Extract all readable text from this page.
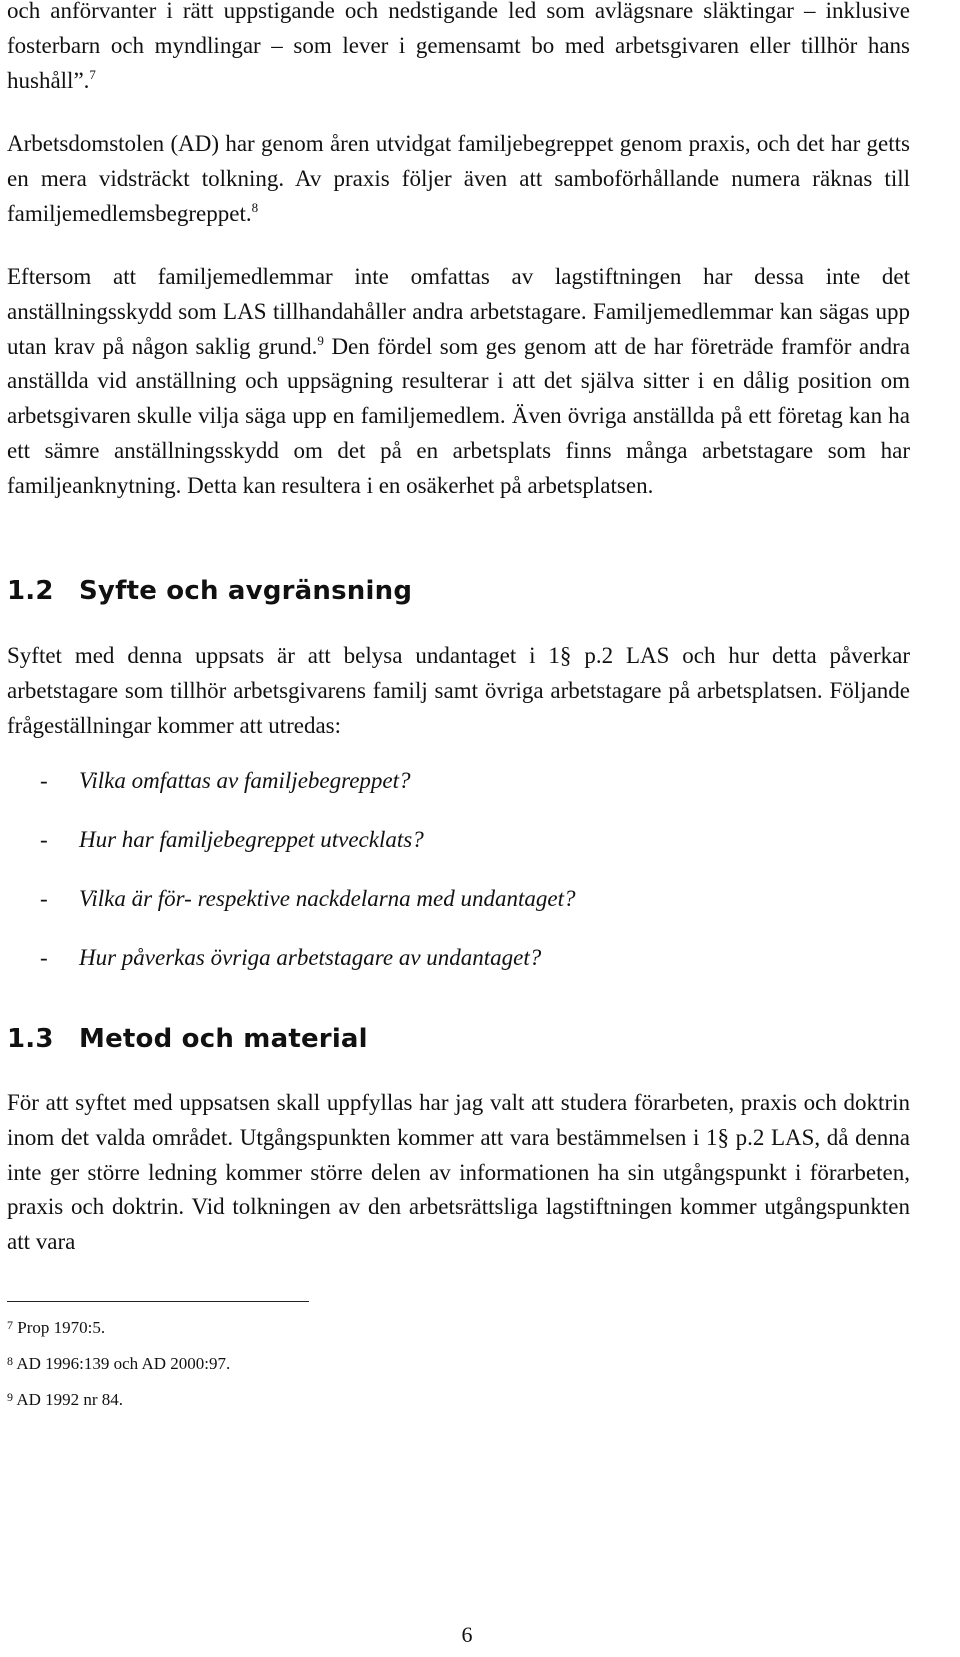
och anförvanter i rätt uppstigande och nedstigande led som avlägsnare släktingar – inklusive fosterbarn och myndlingar – som lever i gemensamt bo med arbetsgivaren eller tillhör hans hushåll”.$^7$

Arbetsdomstolen (AD) har genom åren utvidgat familjebegreppet genom praxis, och det har getts en mera vidsträckt tolkning. Av praxis följer även att samboförhållande numera räknas till familjemedlemsbegreppet.$^8$

Eftersom att familjemedlemmar inte omfattas av lagstiftningen har dessa inte det anställningsskydd som LAS tillhandahåller andra arbetstagare. Familjemedlemmar kan sägas upp utan krav på någon saklig grund.$^9$ Den fördel som ges genom att de har företräde framför andra anställda vid anställning och uppsägning resulterar i att det själva sitter i en dålig position om arbetsgivaren skulle vilja säga upp en familjemedlem. Även övriga anställda på ett företag kan ha ett sämre anställningsskydd om det på en arbetsplats finns många arbetstagare som har familjeanknytning. Detta kan resultera i en osäkerhet på arbetsplatsen.

1.2 Syfte och avgränsning

Syftet med denna uppsats är att belysa undantaget i 1§ p.2 LAS och hur detta påverkar arbetstagare som tillhör arbetsgivarens familj samt övriga arbetstagare på arbetsplatsen. Följande frågeställningar kommer att utredas:

- Vilka omfattas av familjebegreppet?
- Hur har familjebegreppet utvecklats?
- Vilka är för- respektive nackdelarna med undantaget?
- Hur påverkas övriga arbetstagare av undantaget?
1.3 Metod och material

För att syftet med uppsatsen skall uppfyllas har jag valt att studera förarbeten, praxis och doktrin inom det valda området. Utgångspunkten kommer att vara bestämmelsen i 1§ p.2 LAS, då denna inte ger större ledning kommer större delen av informationen ha sin utgångspunkt i förarbeten, praxis och doktrin. Vid tolkningen av den arbetsrättsliga lagstiftningen kommer utgångspunkten att vara

$^7$ Prop 1970:5.

$^8$ AD 1996:139 och AD 2000:97.

$^9$ AD 1992 nr 84.

6
